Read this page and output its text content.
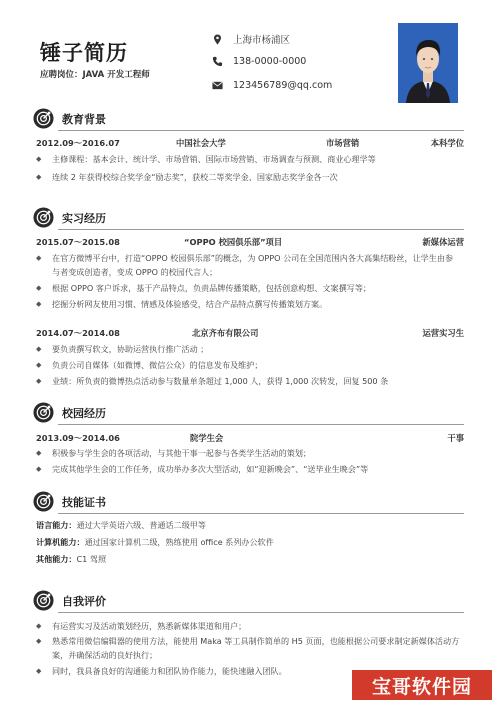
锤子简历
应聘岗位：JAVA 开发工程师
上海市杨浦区
138-0000-0000
123456789@qq.com
教育背景
2012.09～2016.07	中国社会大学	市场营销	本科学位
◆ 主修课程：基本会计、统计学、市场营销、国际市场营销、市场调查与预测、商业心理学等
◆ 连续 2 年获得校综合奖学金“励志奖”，获校二等奖学金、国家励志奖学金各一次
实习经历
2015.07～2015.08	“OPPO 校园俱乐部”项目	新媒体运营
◆ 在官方微博平台中，打造“OPPO 校园俱乐部”的概念，为 OPPO 公司在全国范围内各大高集结粉丝，让学生由参与者变成创造者，变成 OPPO 的校园代言人；
◆ 根据 OPPO 客户诉求，基于产品特点，负责品牌传播策略，包括创意构想、文案撰写等；
◆ 挖掘分析网友使用习惯、情感及体验感受，结合产品特点撰写传播策划方案。
2014.07～2014.08	北京齐布有限公司	运营实习生
◆ 要负责撰写软文，协助运营执行推广活动 ；
◆ 负责公司自媒体（如微博、微信公众）的信息发布及维护；
◆ 业绩：所负责的微博热点活动参与数量单条超过 1,000 人，获得 1,000 次转发，回复 500 条
校园经历
2013.09～2014.06	院学生会	干事
◆ 积极参与学生会的各项活动，与其他干事一起参与各类学生活动的策划；
◆ 完成其他学生会的工作任务，成功举办多次大型活动，如“迎新晚会”、“送毕业生晚会”等
技能证书
语言能力：通过大学英语六级、普通话二级甲等
计算机能力：通过国家计算机二级，熟练使用 office 系列办公软件
其他能力：C1 驾照
自我评价
◆ 有运营实习及活动策划经历，熟悉新媒体渠道和用户；
◆ 熟悉常用微信编辑器的使用方法，能使用 Maka 等工具制作简单的 H5 页面，也能根据公司要求制定新媒体活动方案，并确保活动的良好执行；
◆ 同时，我具备良好的沟通能力和团队协作能力，能快速融入团队。
宝哥软件园
